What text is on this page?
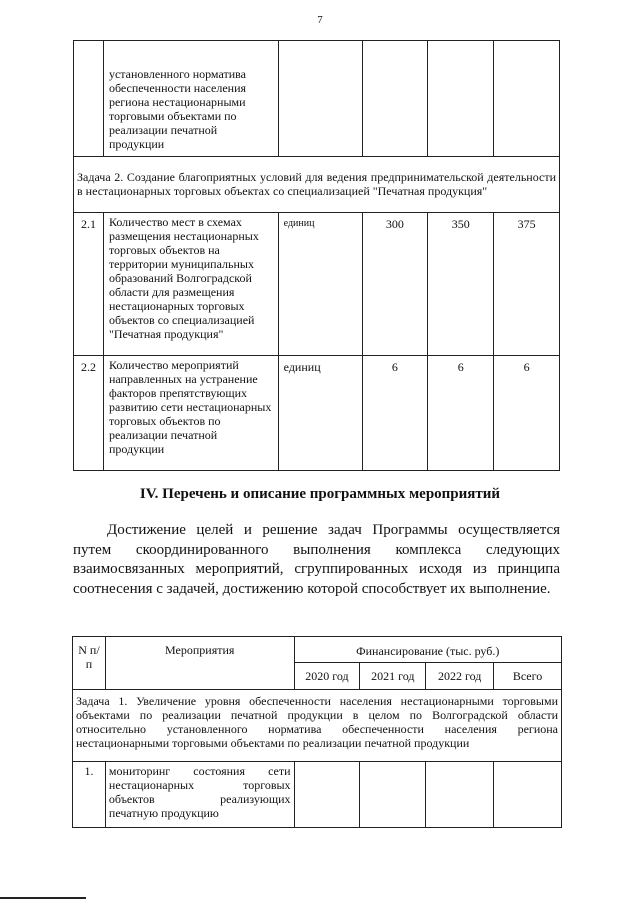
7
	установленного норматива обеспеченности населения региона нестационарными торговыми объектами по реализации печатной продукции				
Задача 2. Создание благоприятных условий для ведения предпринимательской деятельности в нестационарных торговых объектах со специализацией "Печатная продукция"					
2.1	Количество мест в схемах размещения нестационарных торговых объектов на территории муниципальных образований Волгоградской области для размещения нестационарных торговых объектов со специализацией "Печатная продукция"	единиц	300	350	375
2.2	Количество мероприятий направленных на устранение факторов препятствующих развитию сети нестационарных торговых объектов по реализации печатной продукции	единиц	6	6	6
IV. Перечень и описание программных мероприятий

Достижение целей и решение задач Программы осуществляется путем скоординированного выполнения комплекса следующих взаимосвязанных мероприятий, сгруппированных исходя из принципа соотнесения с задачей, достижению которой способствует их выполнение.

N п/п	Мероприятия	Финансирование (тыс. руб.)			
		2020 год	2021 год	2022 год	Всего
Задача 1. Увеличение уровня обеспеченности населения нестационарными торговыми объектами по реализации печатной продукции в целом по Волгоградской области относительно установленного норматива обеспеченности населения региона нестационарными торговыми объектами по реализации печатной продукции					
1.	мониторинг состояния сети
нестационарных торговых
объектов реализующих
печатную продукцию				
